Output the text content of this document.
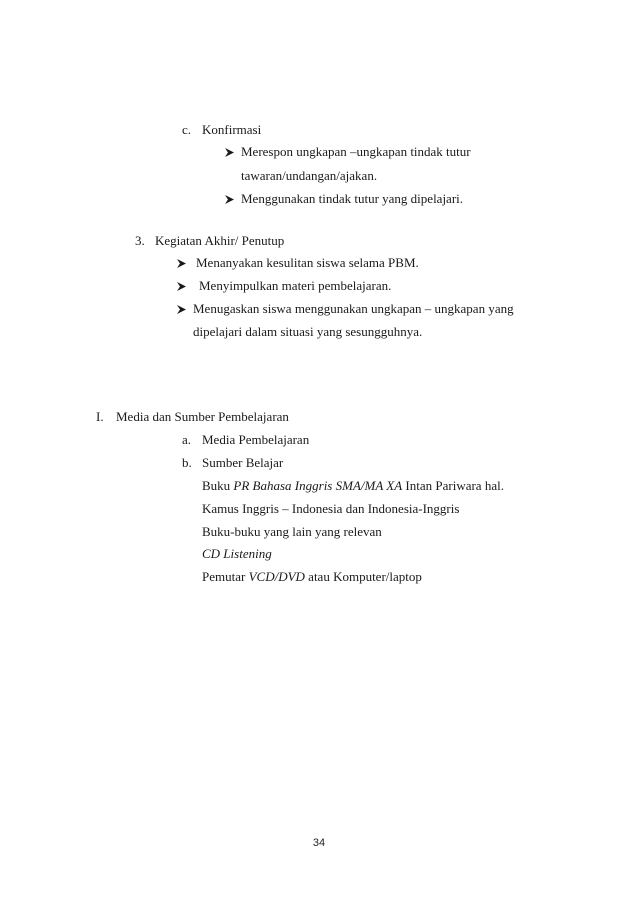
c. Konfirmasi
Merespon ungkapan –ungkapan tindak tutur
tawaran/undangan/ajakan.
Menggunakan tindak tutur yang dipelajari.
3. Kegiatan Akhir/ Penutup
Menanyakan kesulitan siswa selama PBM.
Menyimpulkan materi pembelajaran.
Menugaskan siswa menggunakan ungkapan – ungkapan yang
dipelajari dalam situasi yang sesungguhnya.
I. Media dan Sumber Pembelajaran
a. Media Pembelajaran
b. Sumber Belajar
Buku PR Bahasa Inggris SMA/MA XA Intan Pariwara hal.
Kamus Inggris – Indonesia dan Indonesia-Inggris
Buku-buku yang lain yang relevan
CD Listening
Pemutar VCD/DVD atau Komputer/laptop
34
